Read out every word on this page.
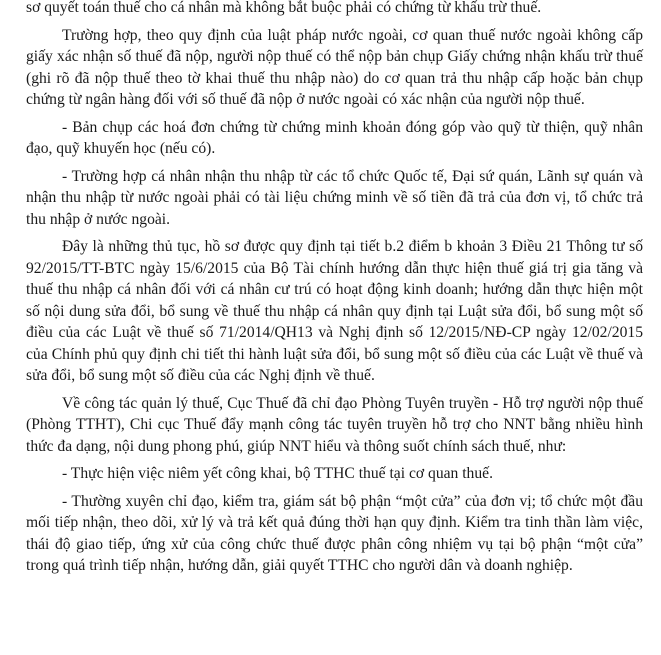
sơ quyết toán thuế cho cá nhân mà không bắt buộc phải có chứng từ khấu trừ thuế.

Trường hợp, theo quy định của luật pháp nước ngoài, cơ quan thuế nước ngoài không cấp giấy xác nhận số thuế đã nộp, người nộp thuế có thể nộp bản chụp Giấy chứng nhận khấu trừ thuế (ghi rõ đã nộp thuế theo tờ khai thuế thu nhập nào) do cơ quan trả thu nhập cấp hoặc bản chụp chứng từ ngân hàng đối với số thuế đã nộp ở nước ngoài có xác nhận của người nộp thuế.

- Bản chụp các hoá đơn chứng từ chứng minh khoản đóng góp vào quỹ từ thiện, quỹ nhân đạo, quỹ khuyến học (nếu có).

- Trường hợp cá nhân nhận thu nhập từ các tổ chức Quốc tế, Đại sứ quán, Lãnh sự quán và nhận thu nhập từ nước ngoài phải có tài liệu chứng minh về số tiền đã trả của đơn vị, tổ chức trả thu nhập ở nước ngoài.

Đây là những thủ tục, hồ sơ được quy định tại tiết b.2 điểm b khoản 3 Điều 21 Thông tư số 92/2015/TT-BTC ngày 15/6/2015 của Bộ Tài chính hướng dẫn thực hiện thuế giá trị gia tăng và thuế thu nhập cá nhân đối với cá nhân cư trú có hoạt động kinh doanh; hướng dẫn thực hiện một số nội dung sửa đổi, bổ sung về thuế thu nhập cá nhân quy định tại Luật sửa đổi, bổ sung một số điều của các Luật về thuế số 71/2014/QH13 và Nghị định số 12/2015/NĐ-CP ngày 12/02/2015 của Chính phủ quy định chi tiết thi hành luật sửa đổi, bổ sung một số điều của các Luật về thuế và sửa đổi, bổ sung một số điều của các Nghị định về thuế.

Về công tác quản lý thuế, Cục Thuế đã chỉ đạo Phòng Tuyên truyền - Hỗ trợ người nộp thuế (Phòng TTHT), Chi cục Thuế đẩy mạnh công tác tuyên truyền hỗ trợ cho NNT bằng nhiều hình thức đa dạng, nội dung phong phú, giúp NNT hiểu và thông suốt chính sách thuế, như:

- Thực hiện việc niêm yết công khai, bộ TTHC thuế tại cơ quan thuế.

- Thường xuyên chỉ đạo, kiểm tra, giám sát bộ phận “một cửa” của đơn vị; tổ chức một đầu mối tiếp nhận, theo dõi, xử lý và trả kết quả đúng thời hạn quy định. Kiểm tra tinh thần làm việc, thái độ giao tiếp, ứng xử của công chức thuế được phân công nhiệm vụ tại bộ phận “một cửa” trong quá trình tiếp nhận, hướng dẫn, giải quyết TTHC cho người dân và doanh nghiệp.
